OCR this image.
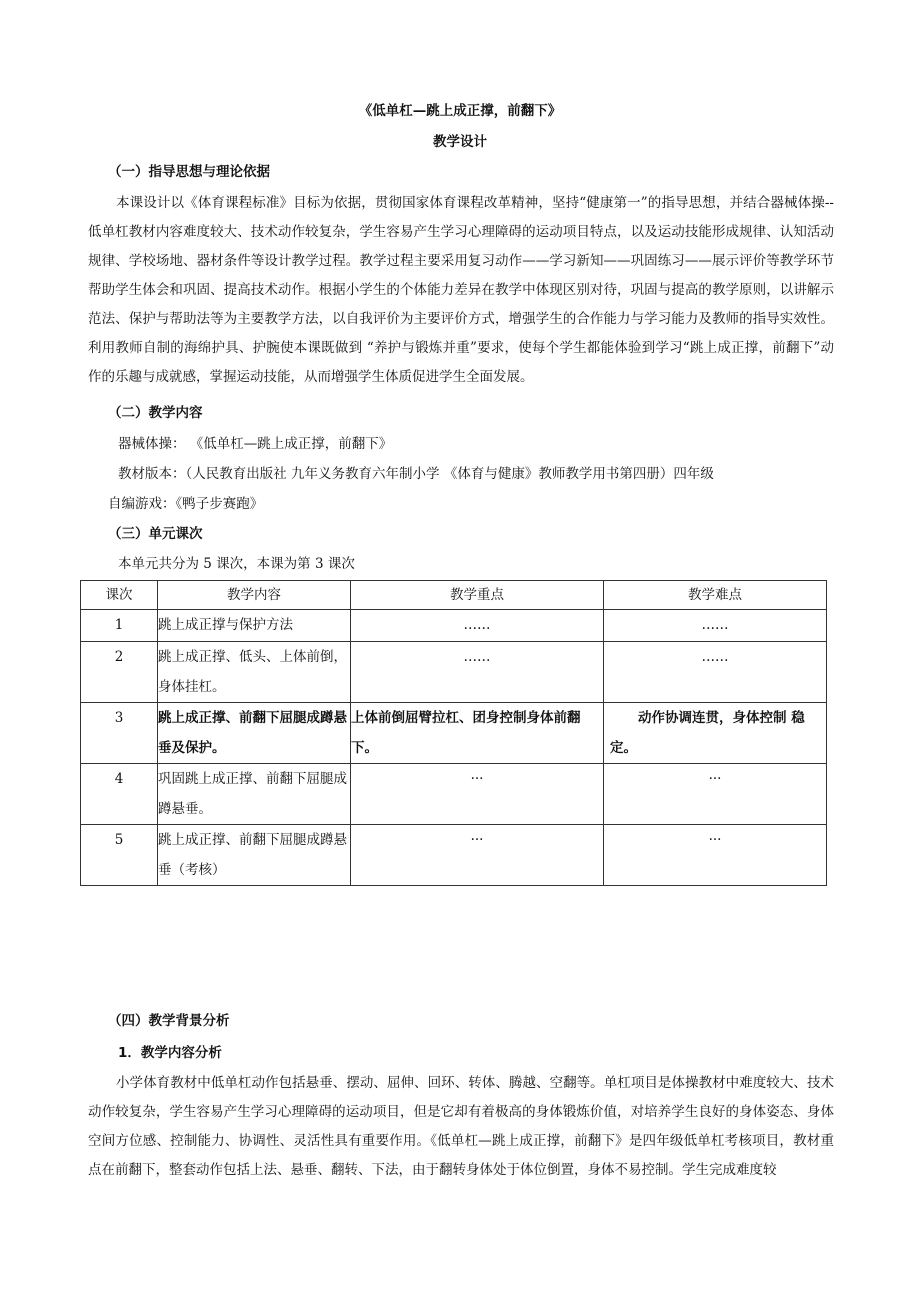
《低单杠—跳上成正撑，前翻下》
教学设计
（一）指导思想与理论依据

本课设计以《体育课程标准》目标为依据，贯彻国家体育课程改革精神，坚持“健康第一”的指导思想，并结合器械体操--低单杠教材内容难度较大、技术动作较复杂，学生容易产生学习心理障碍的运动项目特点，以及运动技能形成规律、认知活动规律、学校场地、器材条件等设计教学过程。教学过程主要采用复习动作——学习新知——巩固练习——展示评价等教学环节帮助学生体会和巩固、提高技术动作。根据小学生的个体能力差异在教学中体现区别对待，巩固与提高的教学原则，以讲解示范法、保护与帮助法等为主要教学方法，以自我评价为主要评价方式，增强学生的合作能力与学习能力及教师的指导实效性。利用教师自制的海绵护具、护腕使本课既做到 “养护与锻炼并重”要求，使每个学生都能体验到学习“跳上成正撑，前翻下”动作的乐趣与成就感，掌握运动技能，从而增强学生体质促进学生全面发展。

（二）教学内容
器械体操： 《低单杠—跳上成正撑，前翻下》
教材版本：（人民教育出版社 九年义务教育六年制小学 《体育与健康》教师教学用书第四册）四年级
自编游戏：《鸭子步赛跑》
（三）单元课次
本单元共分为 5 课次，本课为第 3 课次
课次	教学内容	教学重点	教学难点
1	跳上成正撑与保护方法	……	……
2	跳上成正撑、低头、上体前倒，身体挂杠。	……	……
3	跳上成正撑、前翻下屈腿成蹲悬垂及保护。	上体前倒屈臂拉杠、团身控制身体前翻下。	动作协调连贯，身体控制 稳定。
4	巩固跳上成正撑、前翻下屈腿成蹲悬垂。	···	···
5	跳上成正撑、前翻下屈腿成蹲悬垂（考核）	···	···
（四）教学背景分析
1．教学内容分析

小学体育教材中低单杠动作包括悬垂、摆动、屈伸、回环、转体、腾越、空翻等。单杠项目是体操教材中难度较大、技术动作较复杂，学生容易产生学习心理障碍的运动项目，但是它却有着极高的身体锻炼价值，对培养学生良好的身体姿态、身体空间方位感、控制能力、协调性、灵活性具有重要作用。《低单杠—跳上成正撑，前翻下》是四年级低单杠考核项目，教材重点在前翻下，整套动作包括上法、悬垂、翻转、下法，由于翻转身体处于体位倒置，身体不易控制。学生完成难度较
